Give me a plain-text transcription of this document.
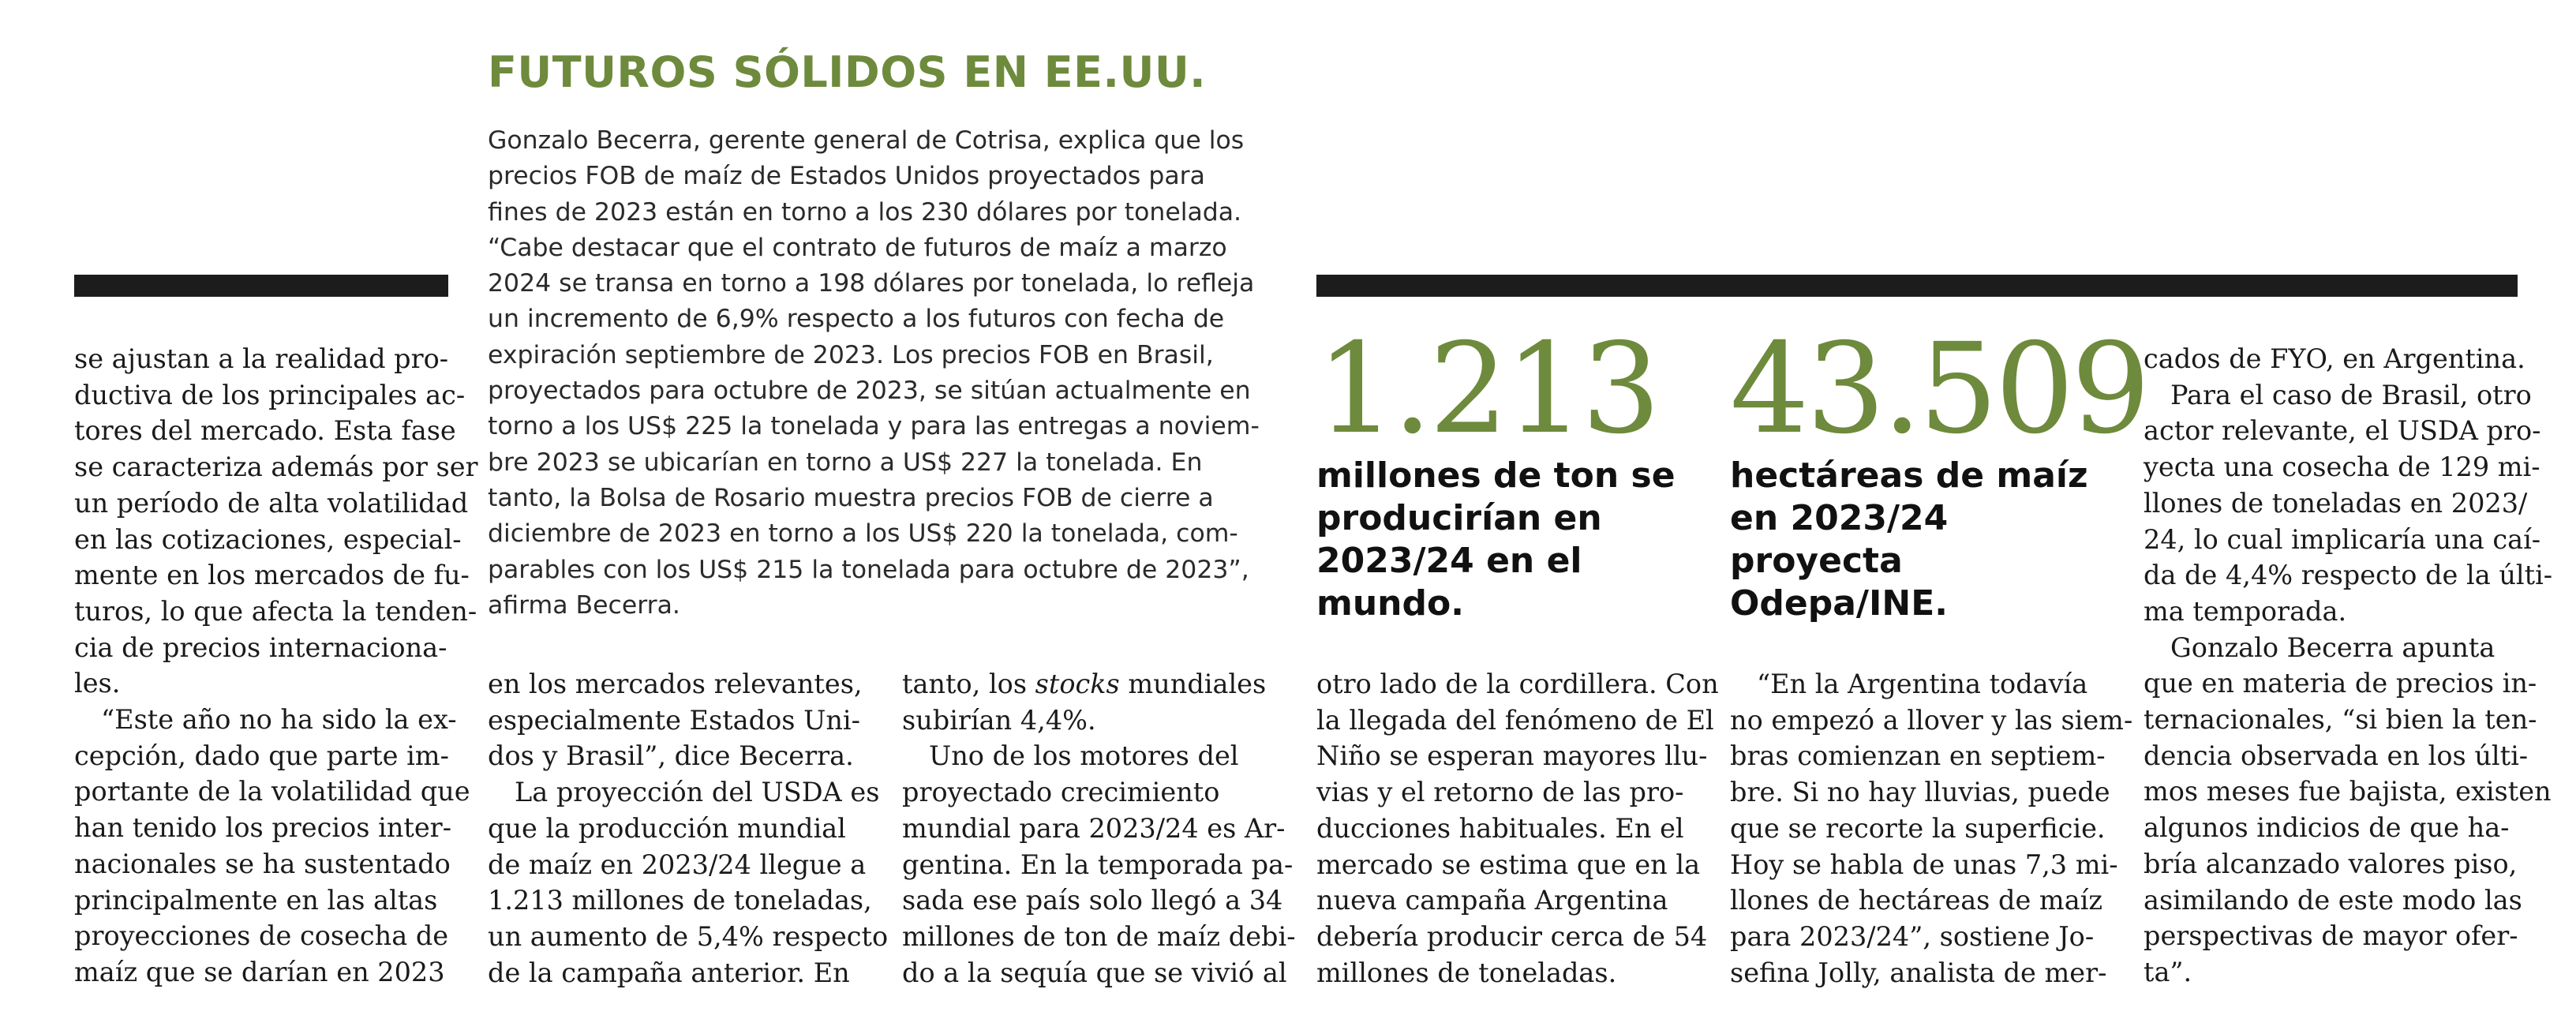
FUTUROS SÓLIDOS EN EE.UU.
Gonzalo Becerra, gerente general de Cotrisa, explica que los
precios FOB de maíz de Estados Unidos proyectados para
fines de 2023 están en torno a los 230 dólares por tonelada.
“Cabe destacar que el contrato de futuros de maíz a marzo
2024 se transa en torno a 198 dólares por tonelada, lo refleja
un incremento de 6,9% respecto a los futuros con fecha de
expiración septiembre de 2023. Los precios FOB en Brasil,
proyectados para octubre de 2023, se sitúan actualmente en
torno a los US$ 225 la tonelada y para las entregas a noviem-
bre 2023 se ubicarían en torno a US$ 227 la tonelada. En
tanto, la Bolsa de Rosario muestra precios FOB de cierre a
diciembre de 2023 en torno a los US$ 220 la tonelada, com-
parables con los US$ 215 la tonelada para octubre de 2023”,
afirma Becerra.
se ajustan a la realidad pro-
ductiva de los principales ac-
tores del mercado. Esta fase
se caracteriza además por ser
un período de alta volatilidad
en las cotizaciones, especial-
mente en los mercados de fu-
turos, lo que afecta la tenden-
cia de precios internaciona-
les.
“Este año no ha sido la ex-
cepción, dado que parte im-
portante de la volatilidad que
han tenido los precios inter-
nacionales se ha sustentado
principalmente en las altas
proyecciones de cosecha de
maíz que se darían en 2023
en los mercados relevantes,
especialmente Estados Uni-
dos y Brasil”, dice Becerra.
La proyección del USDA es
que la producción mundial
de maíz en 2023/24 llegue a
1.213 millones de toneladas,
un aumento de 5,4% respecto
de la campaña anterior. En
tanto, los stocks mundiales
subirían 4,4%.
Uno de los motores del
proyectado crecimiento
mundial para 2023/24 es Ar-
gentina. En la temporada pa-
sada ese país solo llegó a 34
millones de ton de maíz debi-
do a la sequía que se vivió al
1.213
millones de ton se
producirían en
2023/24 en el
mundo.
43.509
hectáreas de maíz
en 2023/24
proyecta
Odepa/INE.
otro lado de la cordillera. Con
la llegada del fenómeno de El
Niño se esperan mayores llu-
vias y el retorno de las pro-
ducciones habituales. En el
mercado se estima que en la
nueva campaña Argentina
debería producir cerca de 54
millones de toneladas.
“En la Argentina todavía
no empezó a llover y las siem-
bras comienzan en septiem-
bre. Si no hay lluvias, puede
que se recorte la superficie.
Hoy se habla de unas 7,3 mi-
llones de hectáreas de maíz
para 2023/24”, sostiene Jo-
sefina Jolly, analista de mer-
cados de FYO, en Argentina.
Para el caso de Brasil, otro
actor relevante, el USDA pro-
yecta una cosecha de 129 mi-
llones de toneladas en 2023/
24, lo cual implicaría una caí-
da de 4,4% respecto de la últi-
ma temporada.
Gonzalo Becerra apunta
que en materia de precios in-
ternacionales, “si bien la ten-
dencia observada en los últi-
mos meses fue bajista, existen
algunos indicios de que ha-
bría alcanzado valores piso,
asimilando de este modo las
perspectivas de mayor ofer-
ta”.
